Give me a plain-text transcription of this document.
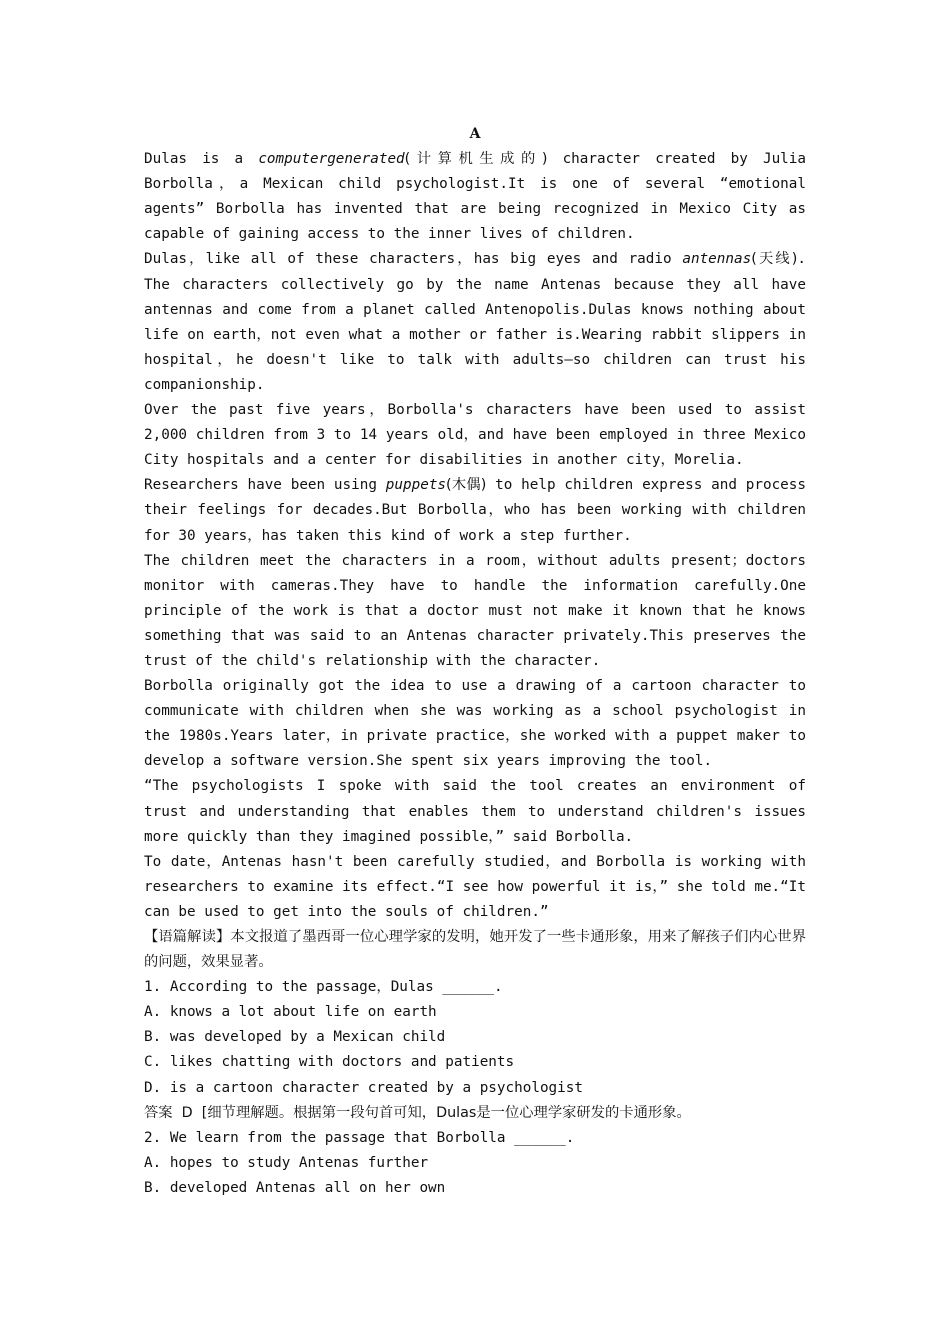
A

Dulas is a computergenerated(计算机生成的) character created by Julia Borbolla，a Mexican child psychologist.It is one of several “emotional agents” Borbolla has invented that are being recognized in Mexico City as capable of gaining access to the inner lives of children.

Dulas，like all of these characters，has big eyes and radio antennas(天线). The characters collectively go by the name Antenas because they all have antennas and come from a planet called Antenopolis.Dulas knows nothing about life on earth，not even what a mother or father is.Wearing rabbit slippers in hospital，he doesn't like to talk with adults—so children can trust his companionship.

Over the past five years，Borbolla's characters have been used to assist 2,000 children from 3 to 14 years old，and have been employed in three Mexico City hospitals and a center for disabilities in another city，Morelia.

Researchers have been using puppets(木偶) to help children express and process their feelings for decades.But Borbolla，who has been working with children for 30 years，has taken this kind of work a step further.

The children meet the characters in a room，without adults present；doctors monitor with cameras.They have to handle the information carefully.One principle of the work is that a doctor must not make it known that he knows something that was said to an Antenas character privately.This preserves the trust of the child's relationship with the character.

Borbolla originally got the idea to use a drawing of a cartoon character to communicate with children when she was working as a school psychologist in the 1980s.Years later，in private practice，she worked with a puppet maker to develop a software version.She spent six years improving the tool.

“The psychologists I spoke with said the tool creates an environment of trust and understanding that enables them to understand children's issues more quickly than they imagined possible，” said Borbolla.

To date，Antenas hasn't been carefully studied，and Borbolla is working with researchers to examine its effect.“I see how powerful it is，” she told me.“It can be used to get into the souls of children.”

【语篇解读】本文报道了墨西哥一位心理学家的发明，她开发了一些卡通形象，用来了解孩子们内心世界的问题，效果显著。

1. According to the passage，Dulas ______.

A. knows a lot about life on earth

B. was developed by a Mexican child

C. likes chatting with doctors and patients

D. is a cartoon character created by a psychologist

答案  D  [细节理解题。根据第一段句首可知，Dulas是一位心理学家研发的卡通形象。

2. We learn from the passage that Borbolla ______.

A. hopes to study Antenas further

B. developed Antenas all on her own
